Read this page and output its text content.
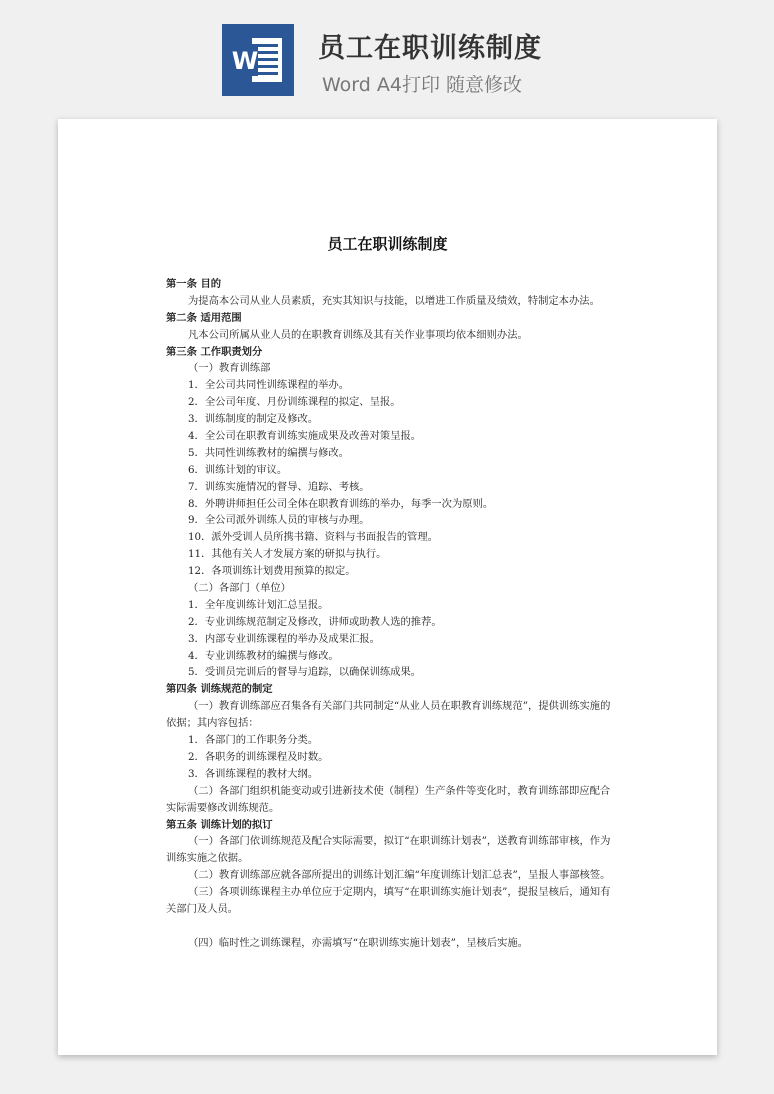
W 员工在职训练制度
Word A4打印 随意修改
员工在职训练制度
第一条 目的
为提高本公司从业人员素质，充实其知识与技能，以增进工作质量及绩效，特制定本办法。
第二条 适用范围
凡本公司所属从业人员的在职教育训练及其有关作业事项均依本细则办法。
第三条 工作职责划分
（一）教育训练部
1．全公司共同性训练课程的举办。
2．全公司年度、月份训练课程的拟定、呈报。
3．训练制度的制定及修改。
4．全公司在职教育训练实施成果及改善对策呈报。
5．共同性训练教材的编撰与修改。
6．训练计划的审议。
7．训练实施情况的督导、追踪、考核。
8．外聘讲师担任公司全体在职教育训练的举办，每季一次为原则。
9．全公司派外训练人员的审核与办理。
10．派外受训人员所携书籍、资料与书面报告的管理。
11．其他有关人才发展方案的研拟与执行。
12．各项训练计划费用预算的拟定。
（二）各部门（单位）
1．全年度训练计划汇总呈报。
2．专业训练规范制定及修改，讲师或助教人选的推荐。
3．内部专业训练课程的举办及成果汇报。
4．专业训练教材的编撰与修改。
5．受训员完训后的督导与追踪，以确保训练成果。
第四条 训练规范的制定
（一）教育训练部应召集各有关部门共同制定“从业人员在职教育训练规范”，提供训练实施的
依据；其内容包括：
1．各部门的工作职务分类。
2．各职务的训练课程及时数。
3．各训练课程的教材大纲。
（二）各部门组织机能变动或引进新技术使（制程）生产条件等变化时，教育训练部即应配合
实际需要修改训练规范。
第五条 训练计划的拟订
（一）各部门依训练规范及配合实际需要，拟订“在职训练计划表”，送教育训练部审核，作为
训练实施之依据。
（二）教育训练部应就各部所提出的训练计划汇编“年度训练计划汇总表”，呈报人事部核签。
（三）各项训练课程主办单位应于定期内，填写“在职训练实施计划表”，提报呈核后，通知有
关部门及人员。
（四）临时性之训练课程，亦需填写“在职训练实施计划表”，呈核后实施。
